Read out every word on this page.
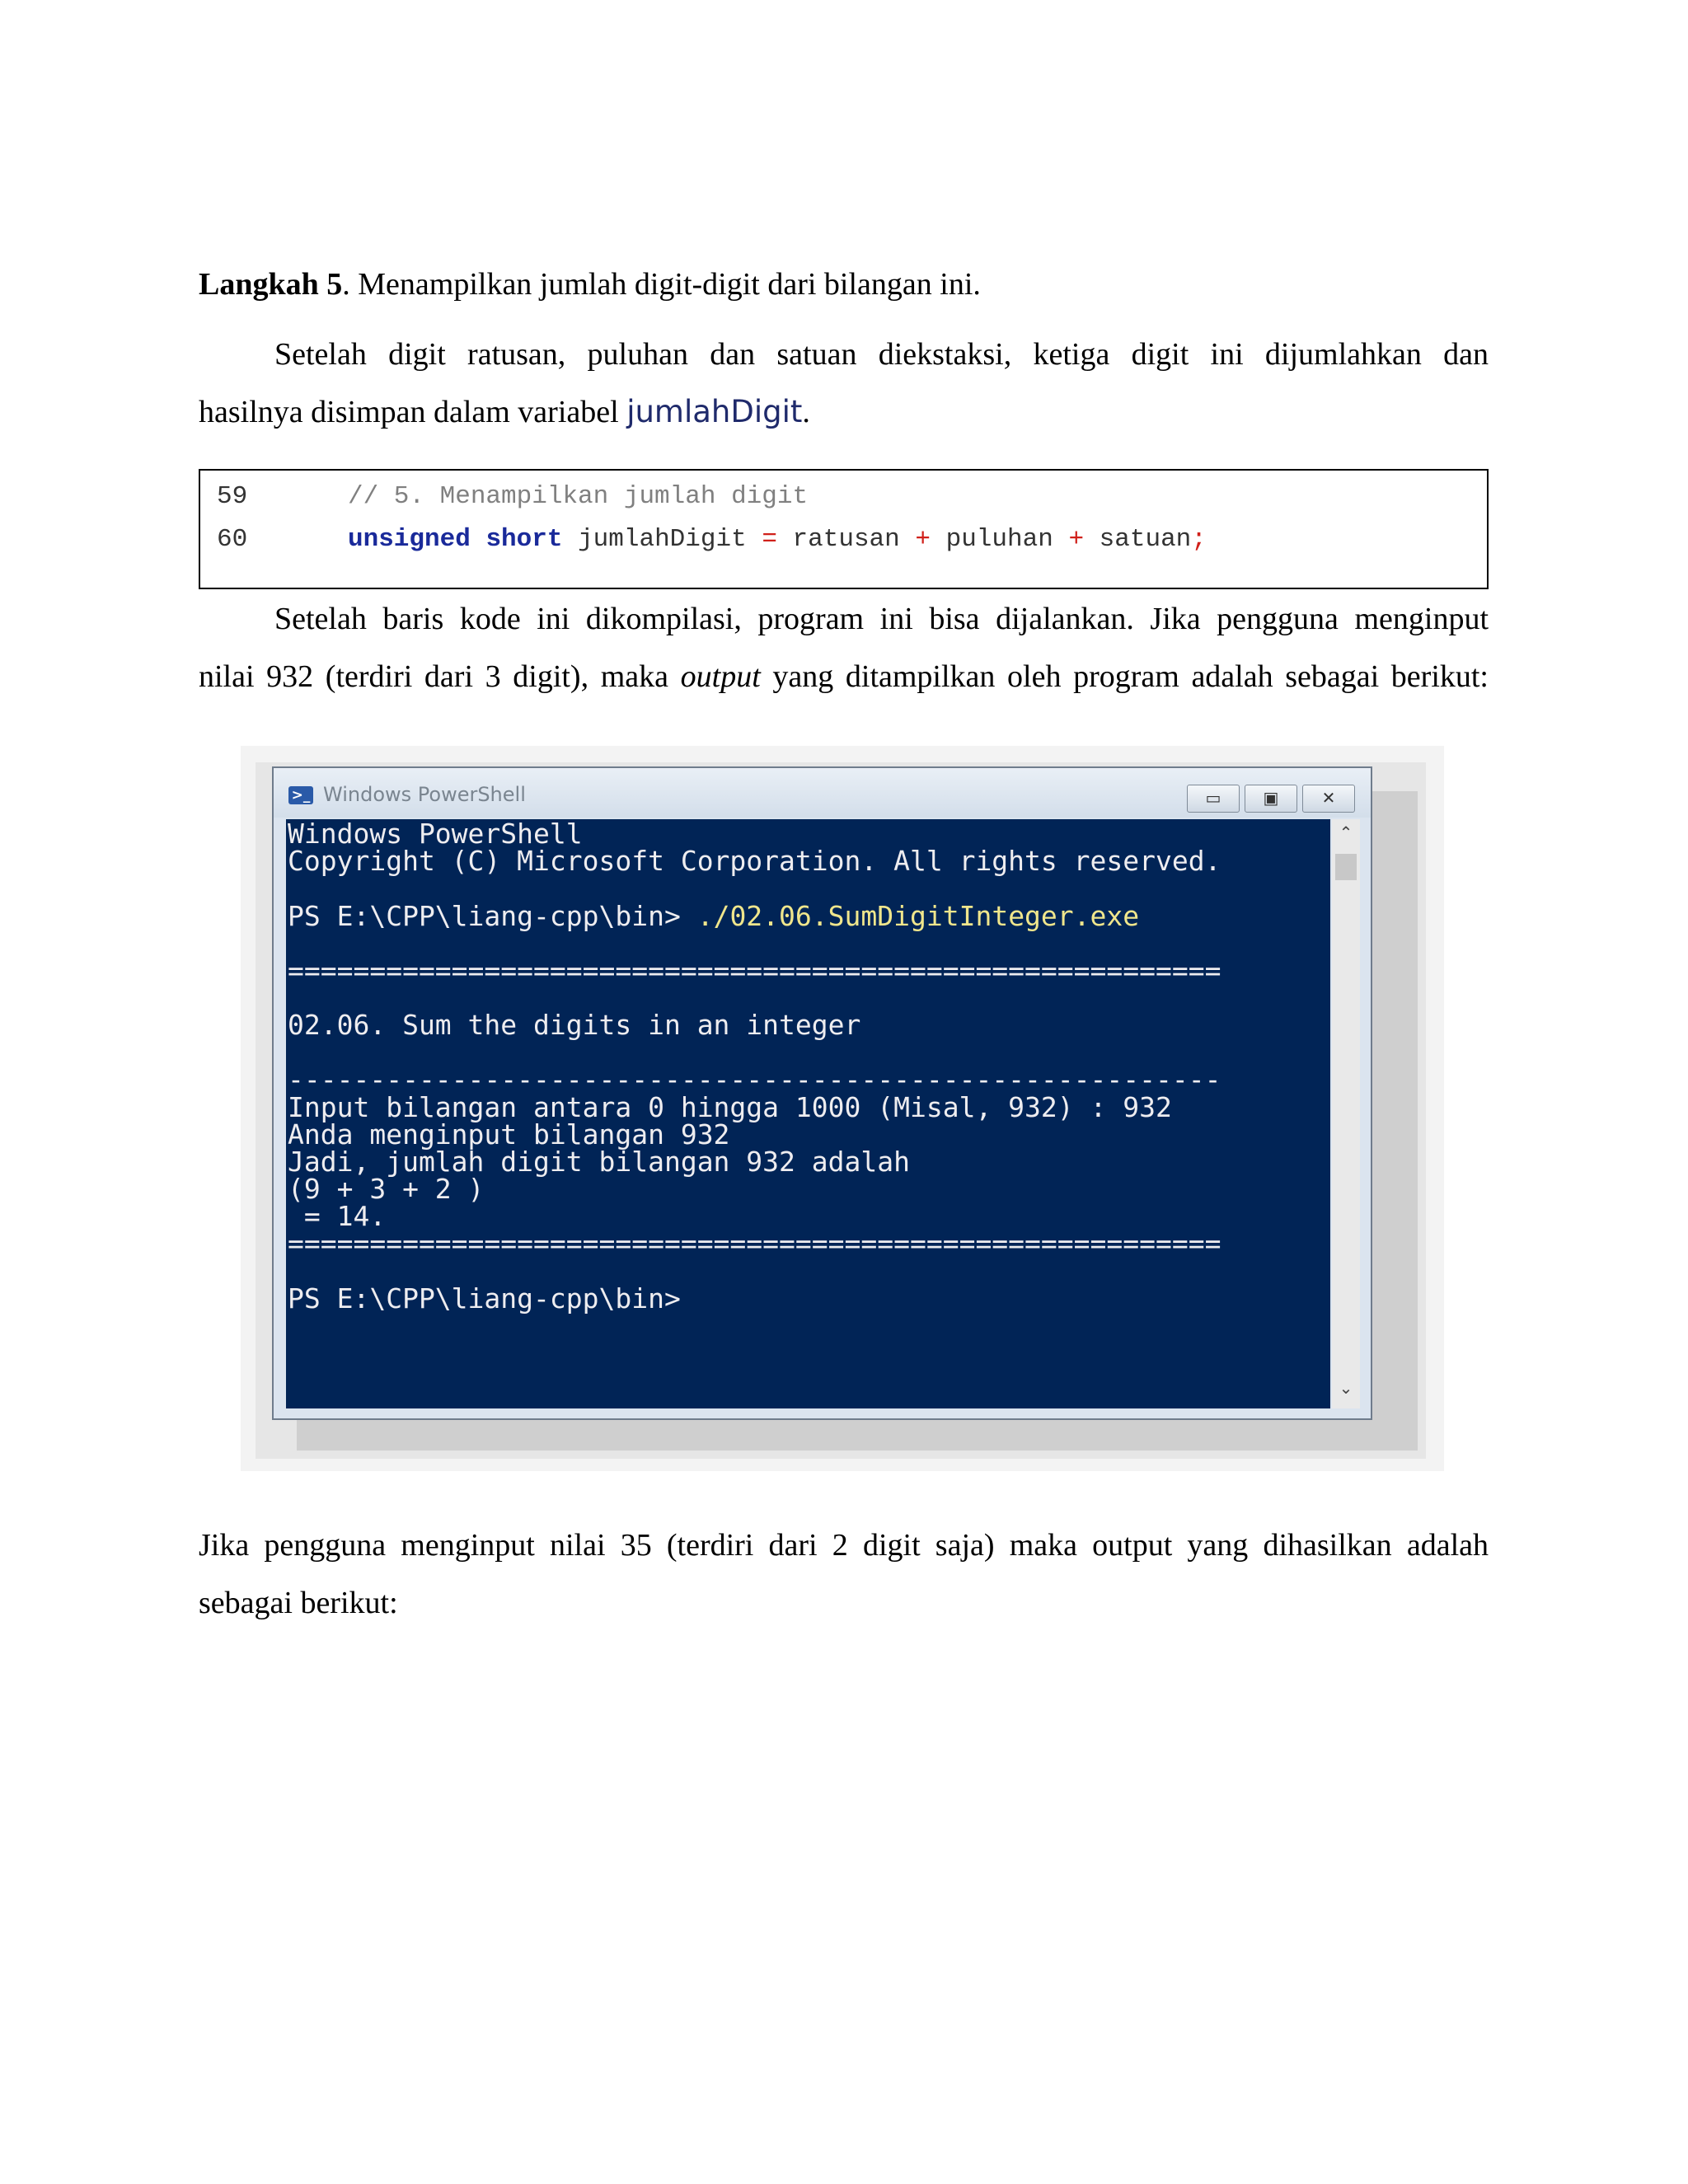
Langkah 5. Menampilkan jumlah digit-digit dari bilangan ini.
Setelah digit ratusan, puluhan dan satuan diekstaksi, ketiga digit ini dijumlahkan dan
hasilnya disimpan dalam variabel jumlahDigit.
59	// 5. Menampilkan jumlah digit
60	unsigned short jumlahDigit = ratusan + puluhan + satuan;
Setelah baris kode ini dikompilasi, program ini bisa dijalankan. Jika pengguna menginput
nilai 932 (terdiri dari 3 digit), maka output yang ditampilkan oleh program adalah sebagai berikut:
>_ Windows PowerShell	▭	▣	✕
Windows PowerShell
Copyright (C) Microsoft Corporation. All rights reserved.
PS E:\CPP\liang-cpp\bin> ./02.06.SumDigitInteger.exe
=========================================================
02.06. Sum the digits in an integer
---------------------------------------------------------
Input bilangan antara 0 hingga 1000 (Misal, 932) : 932
Anda menginput bilangan 932
Jadi, jumlah digit bilangan 932 adalah
(9 + 3 + 2 )
= 14.
=========================================================
PS E:\CPP\liang-cpp\bin>
⌃
⌄
Jika pengguna menginput nilai 35 (terdiri dari 2 digit saja) maka output yang dihasilkan adalah
sebagai berikut:
